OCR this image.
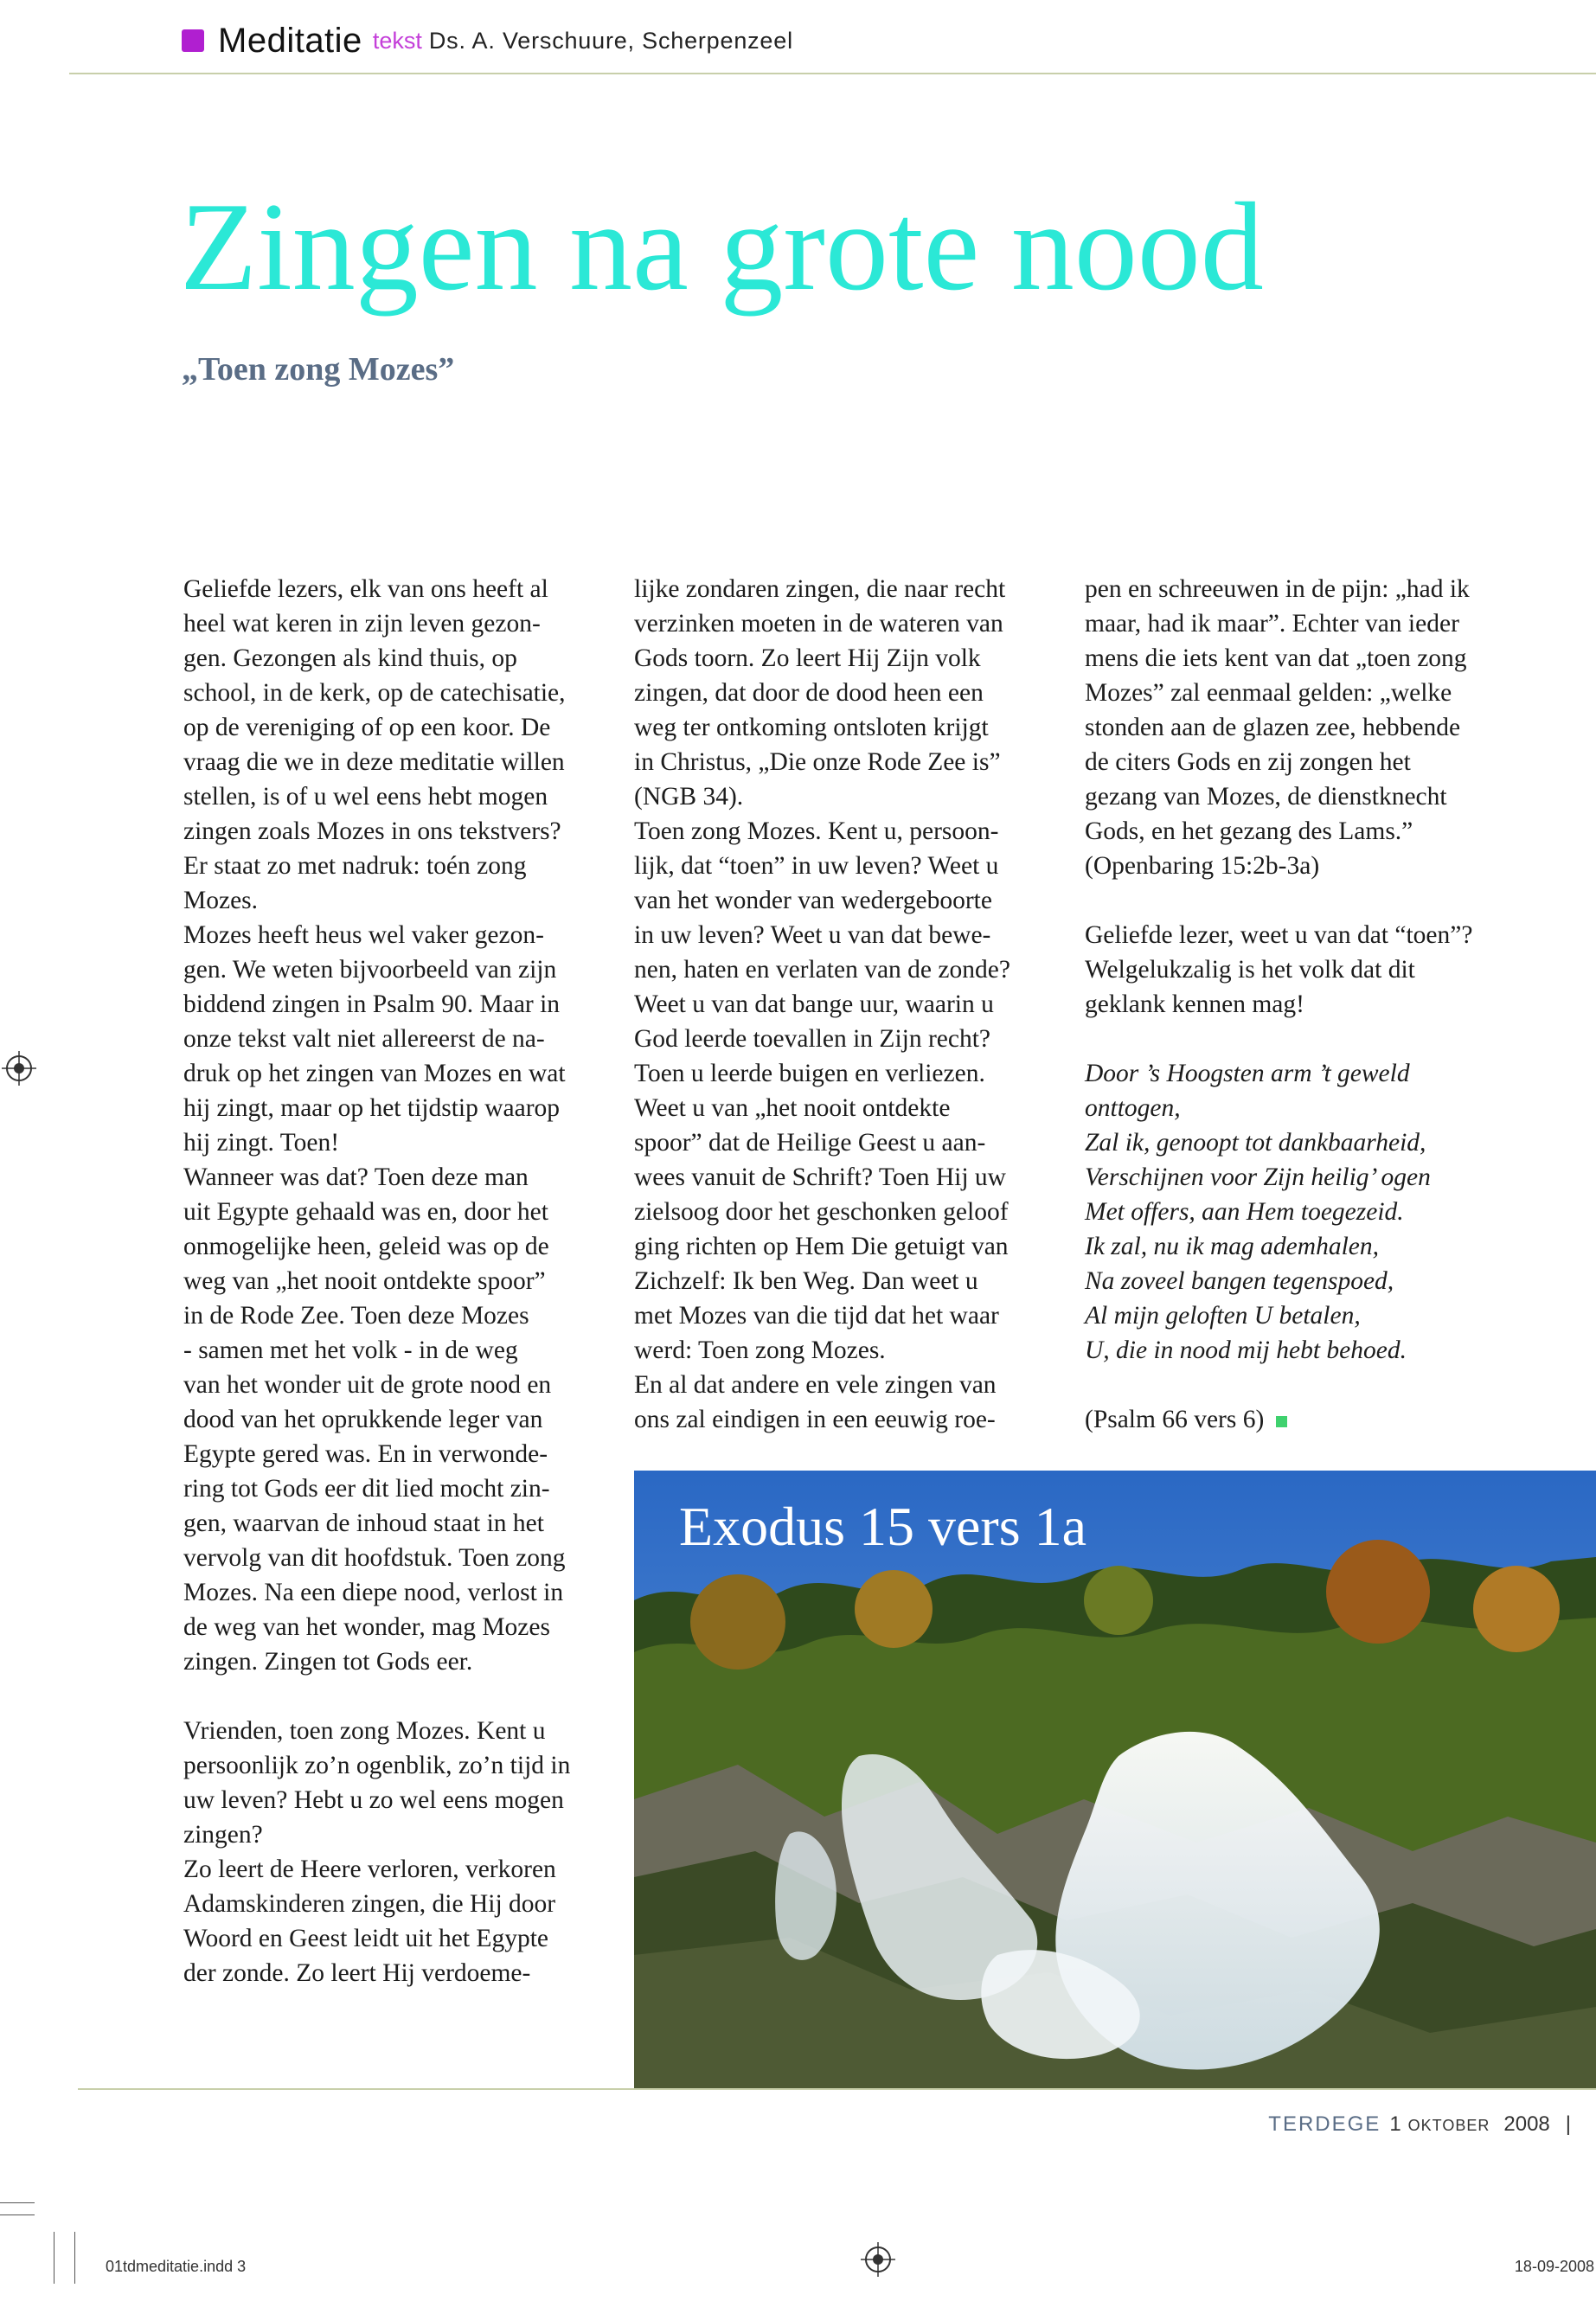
Meditatie tekst Ds. A. Verschuure, Scherpenzeel
Zingen na grote nood
„Toen zong Mozes”

Geliefde lezers, elk van ons heeft al

heel wat keren in zijn leven gezon-

gen. Gezongen als kind thuis, op

school, in de kerk, op de catechisatie,

op de vereniging of op een koor. De

vraag die we in deze meditatie willen

stellen, is of u wel eens hebt mogen

zingen zoals Mozes in ons tekstvers?

Er staat zo met nadruk: toén zong

Mozes.

Mozes heeft heus wel vaker gezon-

gen. We weten bijvoorbeeld van zijn

biddend zingen in Psalm 90. Maar in

onze tekst valt niet allereerst de na-

druk op het zingen van Mozes en wat

hij zingt, maar op het tijdstip waarop

hij zingt. Toen!

Wanneer was dat? Toen deze man

uit Egypte gehaald was en, door het

onmogelijke heen, geleid was op de

weg van „het nooit ontdekte spoor”

in de Rode Zee. Toen deze Mozes

- samen met het volk - in de weg

van het wonder uit de grote nood en

dood van het oprukkende leger van

Egypte gered was. En in verwonde-

ring tot Gods eer dit lied mocht zin-

gen, waarvan de inhoud staat in het

vervolg van dit hoofdstuk. Toen zong

Mozes. Na een diepe nood, verlost in

de weg van het wonder, mag Mozes

zingen. Zingen tot Gods eer.

Vrienden, toen zong Mozes. Kent u

persoonlijk zo’n ogenblik, zo’n tijd in

uw leven? Hebt u zo wel eens mogen

zingen?

Zo leert de Heere verloren, verkoren

Adamskinderen zingen, die Hij door

Woord en Geest leidt uit het Egypte

der zonde. Zo leert Hij verdoeme-

lijke zondaren zingen, die naar recht

verzinken moeten in de wateren van

Gods toorn. Zo leert Hij Zijn volk

zingen, dat door de dood heen een

weg ter ontkoming ontsloten krijgt

in Christus, „Die onze Rode Zee is”

(NGB 34).

Toen zong Mozes. Kent u, persoon-

lijk, dat “toen” in uw leven? Weet u

van het wonder van wedergeboorte

in uw leven? Weet u van dat bewe-

nen, haten en verlaten van de zonde?

Weet u van dat bange uur, waarin u

God leerde toevallen in Zijn recht?

Toen u leerde buigen en verliezen.

Weet u van „het nooit ontdekte

spoor” dat de Heilige Geest u aan-

wees vanuit de Schrift? Toen Hij uw

zielsoog door het geschonken geloof

ging richten op Hem Die getuigt van

Zichzelf: Ik ben Weg. Dan weet u

met Mozes van die tijd dat het waar

werd: Toen zong Mozes.

En al dat andere en vele zingen van

ons zal eindigen in een eeuwig roe-

pen en schreeuwen in de pijn: „had ik

maar, had ik maar”. Echter van ieder

mens die iets kent van dat „toen zong

Mozes” zal eenmaal gelden: „welke

stonden aan de glazen zee, hebbende

de citers Gods en zij zongen het

gezang van Mozes, de dienstknecht

Gods, en het gezang des Lams.”

(Openbaring 15:2b-3a)

Geliefde lezer, weet u van dat “toen”?

Welgelukzalig is het volk dat dit

geklank kennen mag!

Door ’s Hoogsten arm ’t geweld

onttogen,

Zal ik, genoopt tot dankbaarheid,

Verschijnen voor Zijn heilig’ ogen

Met offers, aan Hem toegezeid.

Ik zal, nu ik mag ademhalen,

Na zoveel bangen tegenspoed,

Al mijn geloften U betalen,

U, die in nood mij hebt behoed.

(Psalm 66 vers 6)

Exodus 15 vers 1a
TERDEGE 1 OKTOBER 2008 |
01tdmeditatie.indd 3	18-09-2008
